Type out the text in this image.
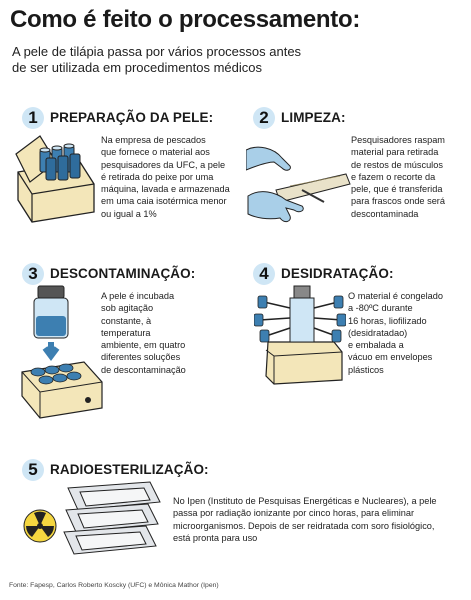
Como é feito o processamento:
A pele de tilápia passa por vários processos antes de ser utilizada em procedimentos médicos
1 PREPARAÇÃO DA PELE:
Na empresa de pescados
que fornece o material aos
pesquisadores da UFC, a pele
é retirada do peixe por uma
máquina, lavada e armazenada
em uma caia isotérmica menor
ou igual a 1%
2 LIMPEZA:
Pesquisadores raspam
material para retirada
de restos de músculos
e fazem o recorte da
pele, que é transferida
para frascos onde será
descontaminada
3 DESCONTAMINAÇÃO:
A pele é incubada
sob agitação
constante, à
temperatura
ambiente, em quatro
diferentes soluções
de descontaminação
4 DESIDRATAÇÃO:
O material é congelado
a -80ºC durante
16 horas, liofilizado
(desidratadao)
e embalada a
vácuo em envelopes
plásticos
5 RADIOESTERILIZAÇÃO:
No Ipen (Instituto de Pesquisas Energéticas e Nucleares), a pele
passa por radiação ionizante por cinco horas, para eliminar
microorganismos. Depois de ser reidratada com soro fisiológico,
está pronta para uso
Fonte: Fapesp, Carlos Roberto Koscky (UFC) e Mônica Mathor (Ipen)
